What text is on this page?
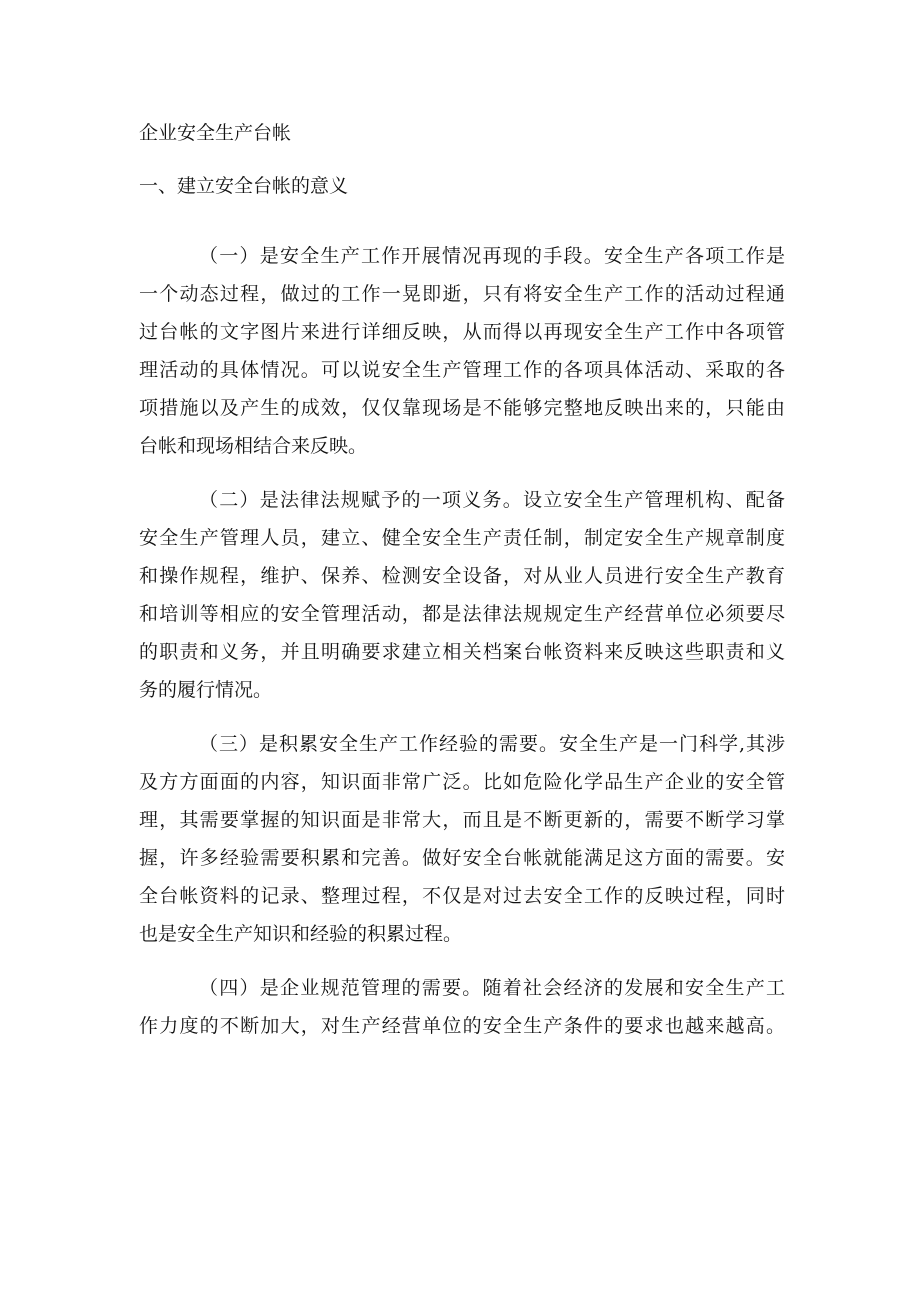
企业安全生产台帐
一、建立安全台帐的意义
（一）是安全生产工作开展情况再现的手段。安全生产各项工作是
一个动态过程，做过的工作一晃即逝，只有将安全生产工作的活动过程通
过台帐的文字图片来进行详细反映，从而得以再现安全生产工作中各项管
理活动的具体情况。可以说安全生产管理工作的各项具体活动、采取的各
项措施以及产生的成效，仅仅靠现场是不能够完整地反映出来的，只能由
台帐和现场相结合来反映。
（二）是法律法规赋予的一项义务。设立安全生产管理机构、配备
安全生产管理人员，建立、健全安全生产责任制，制定安全生产规章制度
和操作规程，维护、保养、检测安全设备，对从业人员进行安全生产教育
和培训等相应的安全管理活动，都是法律法规规定生产经营单位必须要尽
的职责和义务，并且明确要求建立相关档案台帐资料来反映这些职责和义
务的履行情况。
（三）是积累安全生产工作经验的需要。安全生产是一门科学,其涉
及方方面面的内容，知识面非常广泛。比如危险化学品生产企业的安全管
理，其需要掌握的知识面是非常大，而且是不断更新的，需要不断学习掌
握，许多经验需要积累和完善。做好安全台帐就能满足这方面的需要。安
全台帐资料的记录、整理过程，不仅是对过去安全工作的反映过程，同时
也是安全生产知识和经验的积累过程。
（四）是企业规范管理的需要。随着社会经济的发展和安全生产工
作力度的不断加大，对生产经营单位的安全生产条件的要求也越来越高。
